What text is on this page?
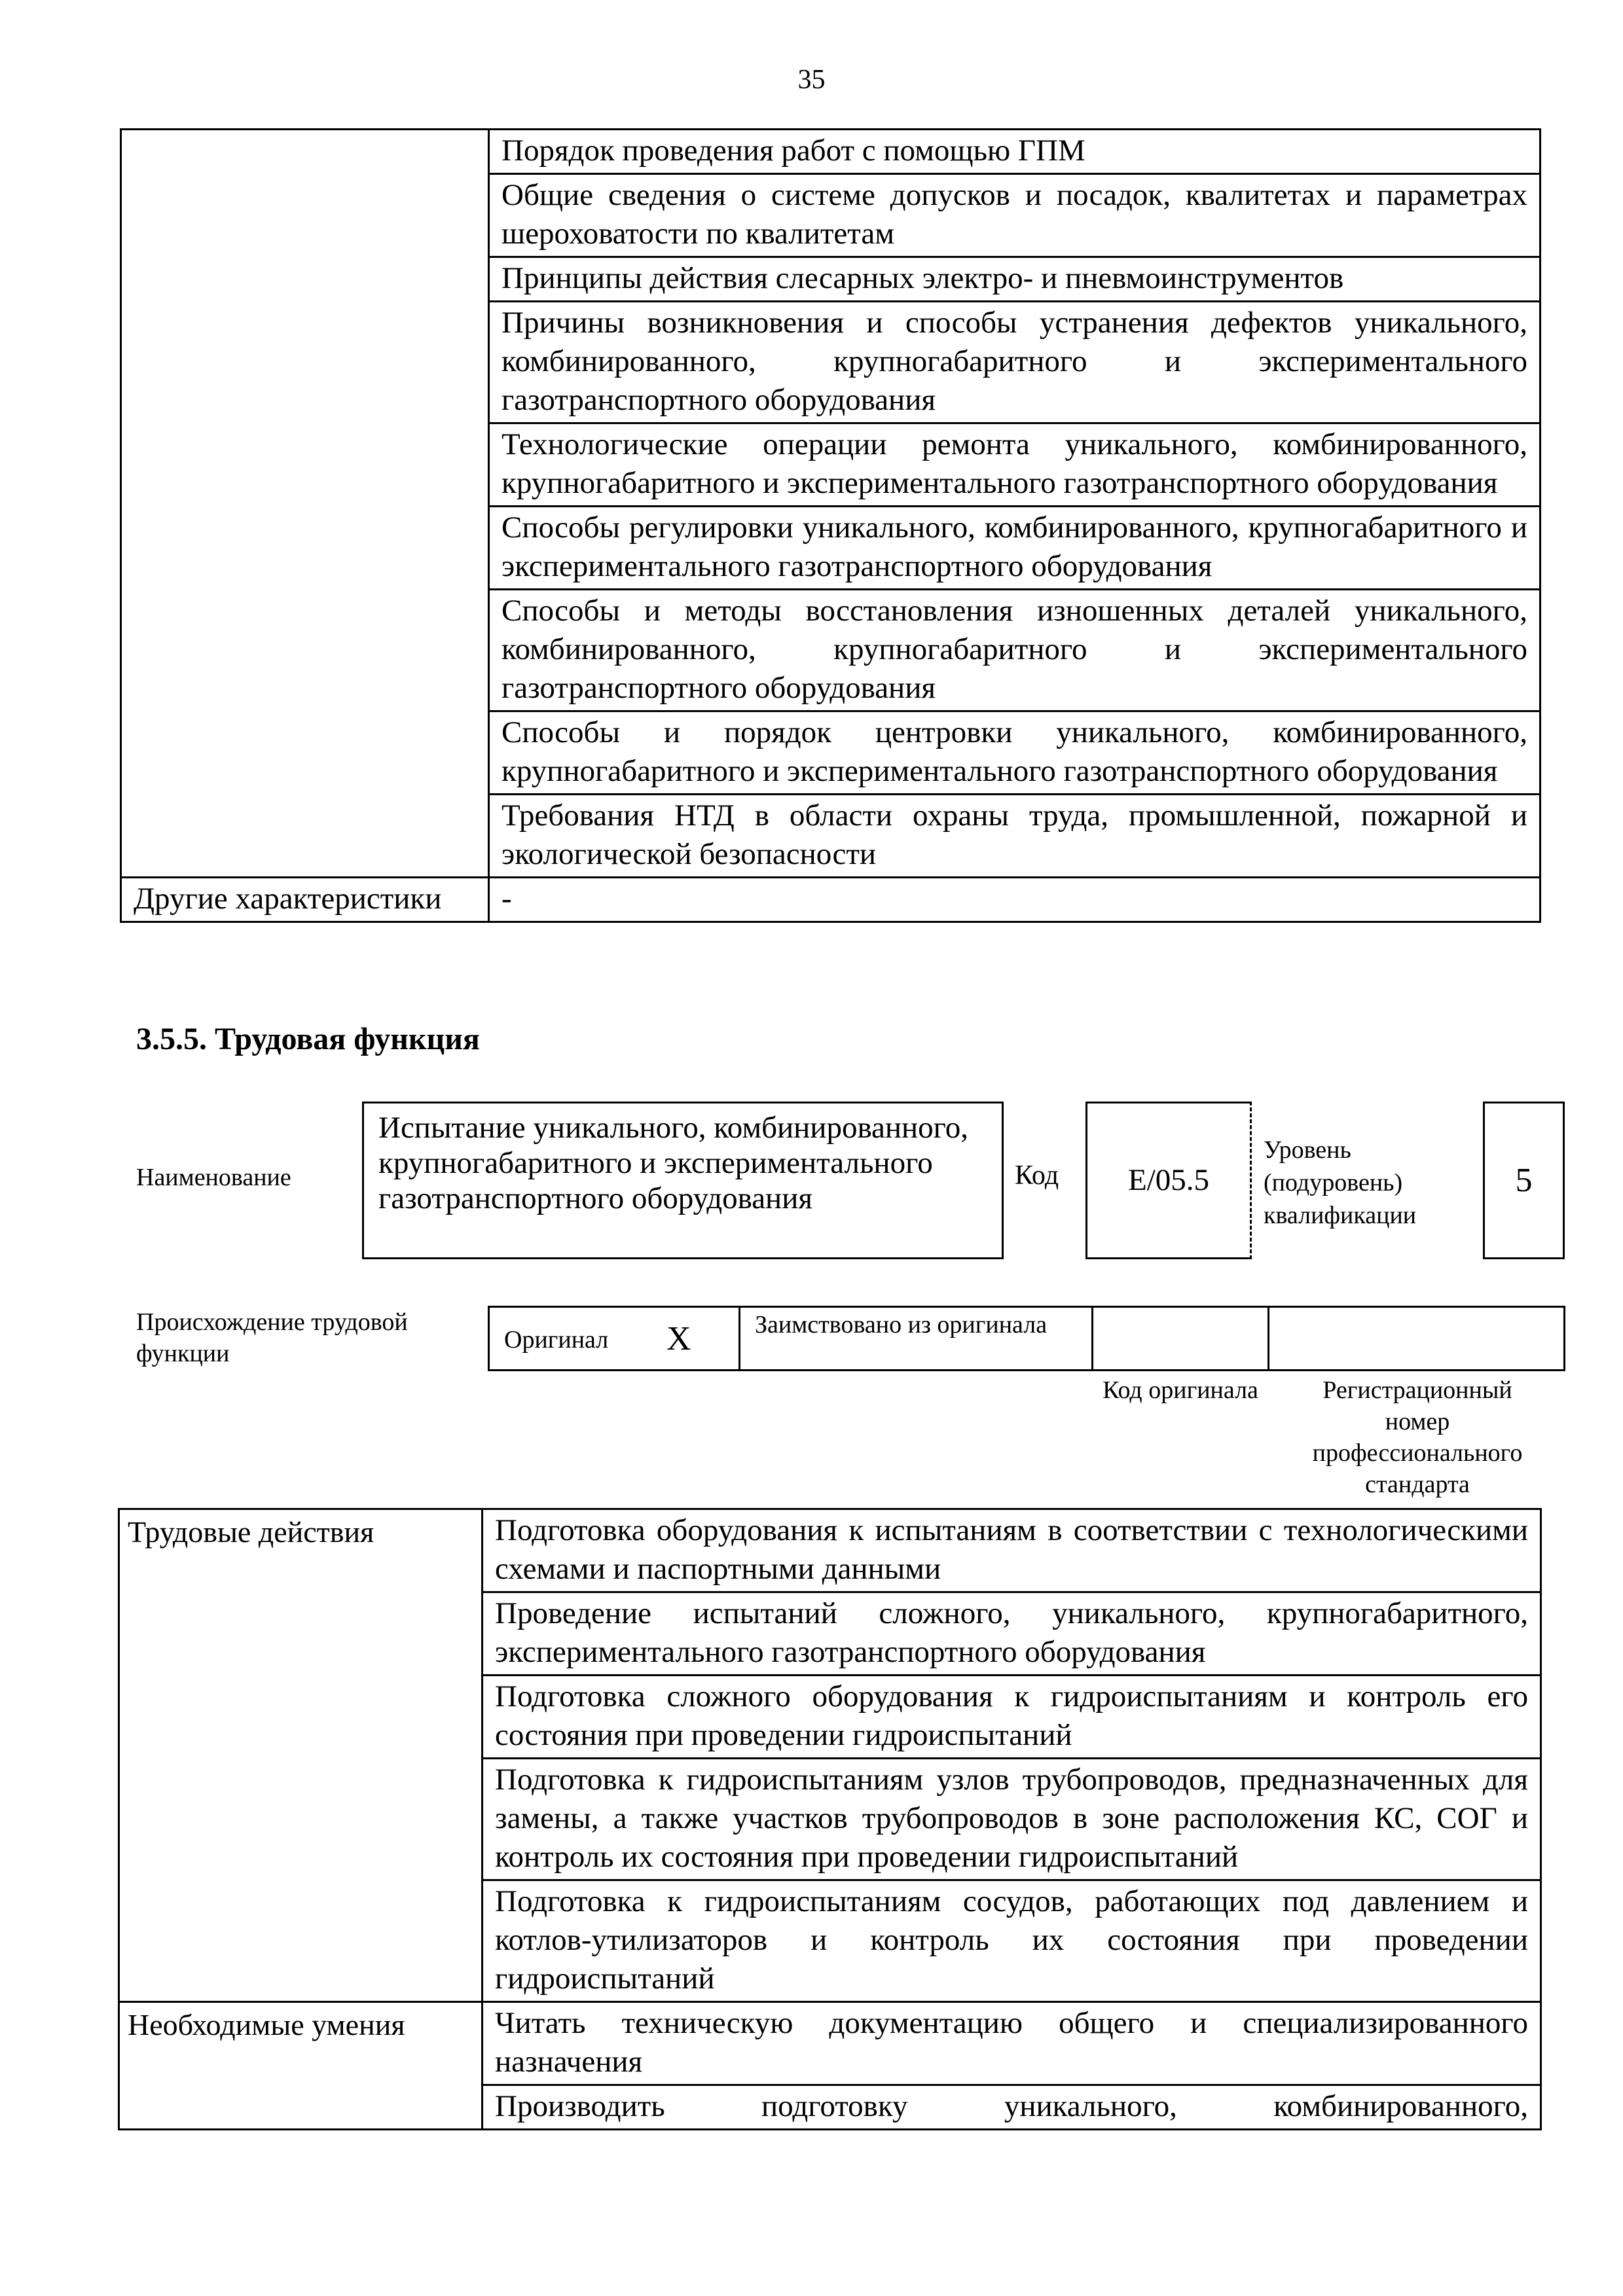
35
	Порядок проведения работ с помощью ГПМ
	Общие сведения о системе допусков и посадок, квалитетах и параметрах шероховатости по квалитетам
	Принципы действия слесарных электро- и пневмоинструментов
	Причины возникновения и способы устранения дефектов уникального, комбинированного, крупногабаритного и экспериментального газотранспортного оборудования
	Технологические операции ремонта уникального, комбинированного, крупногабаритного и экспериментального газотранспортного оборудования
	Способы регулировки уникального, комбинированного, крупногабаритного и экспериментального газотранспортного оборудования
	Способы и методы восстановления изношенных деталей уникального, комбинированного, крупногабаритного и экспериментального газотранспортного оборудования
	Способы и порядок центровки уникального, комбинированного, крупногабаритного и экспериментального газотранспортного оборудования
	Требования НТД в области охраны труда, промышленной, пожарной и экологической безопасности
Другие характеристики	-
3.5.5. Трудовая функция
Наименование
Испытание уникального, комбинированного, крупногабаритного и экспериментального газотранспортного оборудования
Код	E/05.5
Уровень (подуровень) квалификации
5
Происхождение трудовой функции	Оригинал X	Заимствовано из оригинала
Код оригинала	Регистрационный номер профессионального стандарта
Трудовые действия	Подготовка оборудования к испытаниям в соответствии с технологическими схемами и паспортными данными
	Проведение испытаний сложного, уникального, крупногабаритного, экспериментального газотранспортного оборудования
	Подготовка сложного оборудования к гидроиспытаниям и контроль его состояния при проведении гидроиспытаний
	Подготовка к гидроиспытаниям узлов трубопроводов, предназначенных для замены, а также участков трубопроводов в зоне расположения КС, СОГ и контроль их состояния при проведении гидроиспытаний
	Подготовка к гидроиспытаниям сосудов, работающих под давлением и котлов-утилизаторов и контроль их состояния при проведении гидроиспытаний
Необходимые умения	Читать техническую документацию общего и специализированного назначения
	Производить подготовку уникального, комбинированного,
